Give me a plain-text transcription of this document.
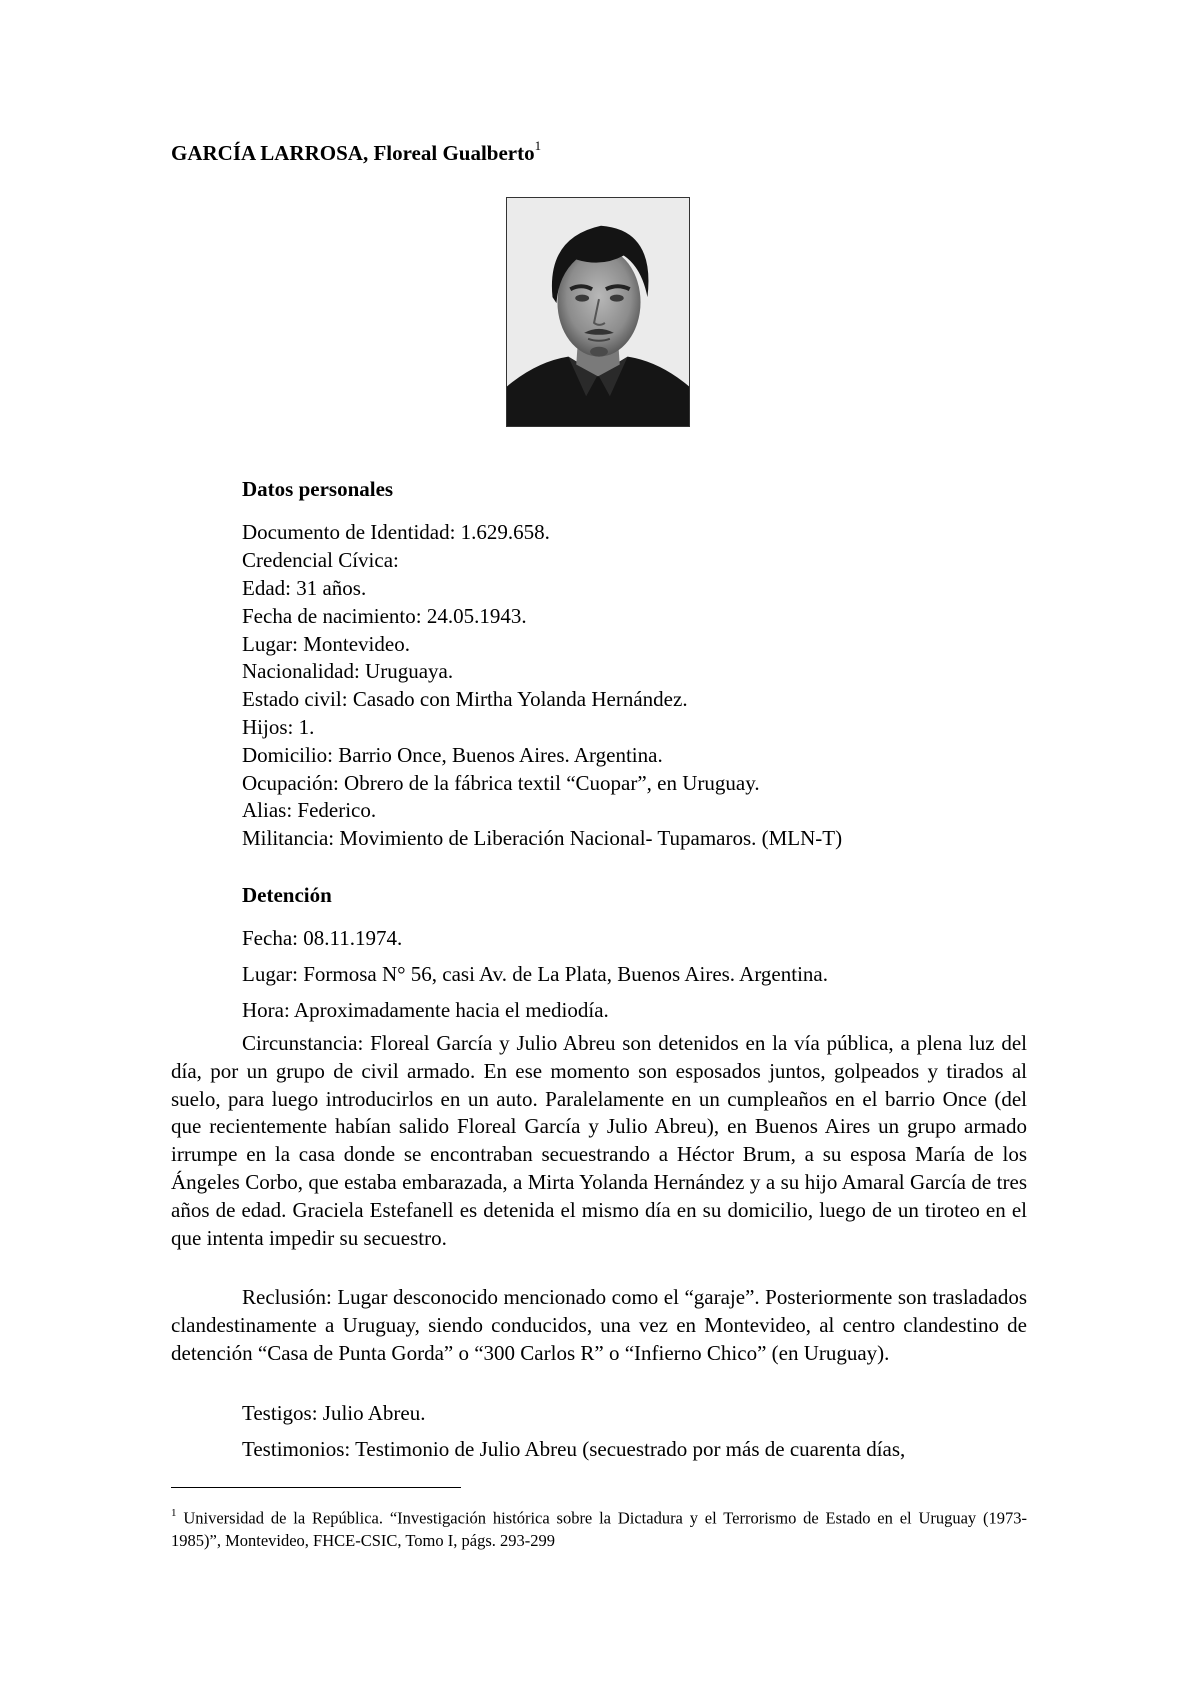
GARCÍA LARROSA, Floreal Gualberto$^1$
Datos personales
Documento de Identidad: 1.629.658.
Credencial Cívica:
Edad: 31 años.
Fecha de nacimiento: 24.05.1943.
Lugar: Montevideo.
Nacionalidad: Uruguaya.
Estado civil: Casado con Mirtha Yolanda Hernández.
Hijos: 1.
Domicilio: Barrio Once, Buenos Aires. Argentina.
Ocupación: Obrero de la fábrica textil “Cuopar”, en Uruguay.
Alias: Federico.
Militancia: Movimiento de Liberación Nacional- Tupamaros. (MLN-T)
Detención
Fecha: 08.11.1974.
Lugar: Formosa N° 56, casi Av. de La Plata, Buenos Aires. Argentina.
Hora: Aproximadamente hacia el mediodía.

Circunstancia: Floreal García y Julio Abreu son detenidos en la vía pública, a plena luz del día, por un grupo de civil armado. En ese momento son esposados juntos, golpeados y tirados al suelo, para luego introducirlos en un auto. Paralelamente en un cumpleaños en el barrio Once (del que recientemente habían salido Floreal García y Julio Abreu), en Buenos Aires un grupo armado irrumpe en la casa donde se encontraban secuestrando a Héctor Brum, a su esposa María de los Ángeles Corbo, que estaba embarazada, a Mirta Yolanda Hernández y a su hijo Amaral García de tres años de edad. Graciela Estefanell es detenida el mismo día en su domicilio, luego de un tiroteo en el que intenta impedir su secuestro.

Reclusión: Lugar desconocido mencionado como el “garaje”. Posteriormente son trasladados clandestinamente a Uruguay, siendo conducidos, una vez en Montevideo, al centro clandestino de detención “Casa de Punta Gorda” o “300 Carlos R” o “Infierno Chico” (en Uruguay).

Testigos: Julio Abreu.

Testimonios: Testimonio de Julio Abreu (secuestrado por más de cuarenta días,

$^1$ Universidad de la República. “Investigación histórica sobre la Dictadura y el Terrorismo de Estado en el Uruguay (1973-1985)”, Montevideo, FHCE-CSIC, Tomo I, págs. 293-299
